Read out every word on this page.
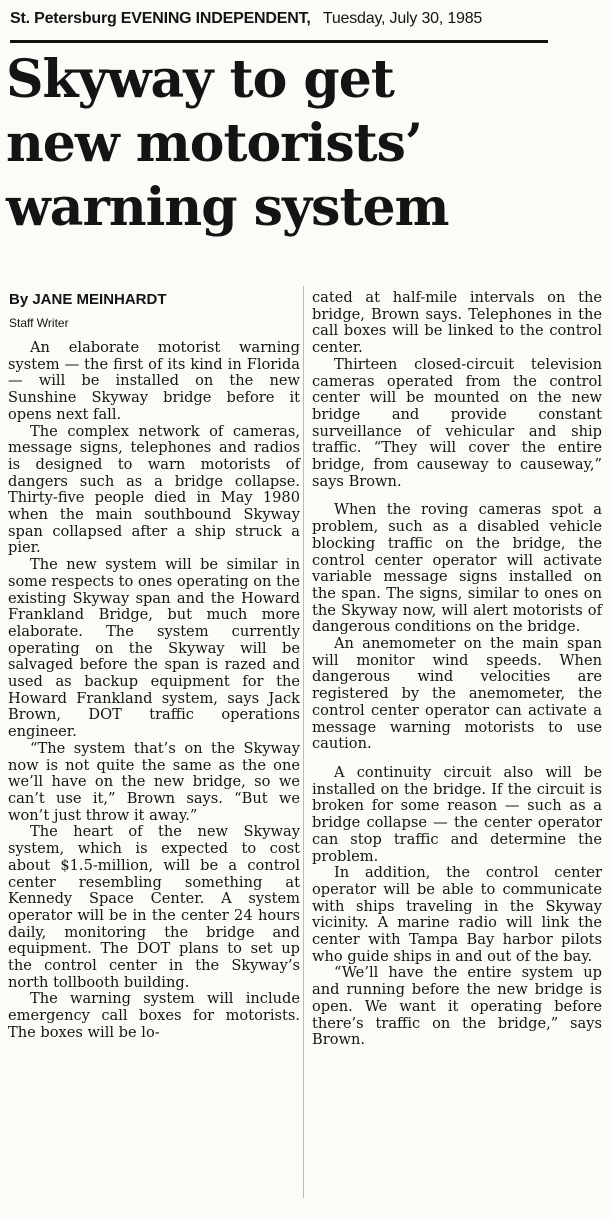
St. Petersburg EVENING INDEPENDENT, Tuesday, July 30, 1985
Skyway to get
new motorists’
warning system
By JANE MEINHARDT
Staff Writer

An elaborate motorist warning system — the first of its kind in Florida — will be installed on the new Sunshine Skyway bridge before it opens next fall.

The complex network of cameras, message signs, telephones and radios is designed to warn motorists of dangers such as a bridge collapse. Thirty-five people died in May 1980 when the main southbound Skyway span collapsed after a ship struck a pier.

The new system will be similar in some respects to ones operating on the existing Skyway span and the Howard Frankland Bridge, but much more elaborate. The system currently operating on the Skyway will be salvaged before the span is razed and used as backup equipment for the Howard Frankland system, says Jack Brown, DOT traffic operations engineer.

“The system that’s on the Skyway now is not quite the same as the one we’ll have on the new bridge, so we can’t use it,” Brown says. “But we won’t just throw it away.”

The heart of the new Skyway system, which is expected to cost about $1.5-million, will be a control center resembling something at Kennedy Space Center. A system operator will be in the center 24 hours daily, monitoring the bridge and equipment. The DOT plans to set up the control center in the Skyway’s north tollbooth building.

The warning system will include emergency call boxes for motorists. The boxes will be lo-

cated at half-mile intervals on the bridge, Brown says. Telephones in the call boxes will be linked to the control center.

Thirteen closed-circuit television cameras operated from the control center will be mounted on the new bridge and provide constant surveillance of vehicular and ship traffic. “They will cover the entire bridge, from causeway to causeway,” says Brown.

When the roving cameras spot a problem, such as a disabled vehicle blocking traffic on the bridge, the control center operator will activate variable message signs installed on the span. The signs, similar to ones on the Skyway now, will alert motorists of dangerous conditions on the bridge.

An anemometer on the main span will monitor wind speeds. When dangerous wind velocities are registered by the anemometer, the control center operator can activate a message warning motorists to use caution.

A continuity circuit also will be installed on the bridge. If the circuit is broken for some reason — such as a bridge collapse — the center operator can stop traffic and determine the problem.

In addition, the control center operator will be able to communicate with ships traveling in the Skyway vicinity. A marine radio will link the center with Tampa Bay harbor pilots who guide ships in and out of the bay.

“We’ll have the entire system up and running before the new bridge is open. We want it operating before there’s traffic on the bridge,” says Brown.
